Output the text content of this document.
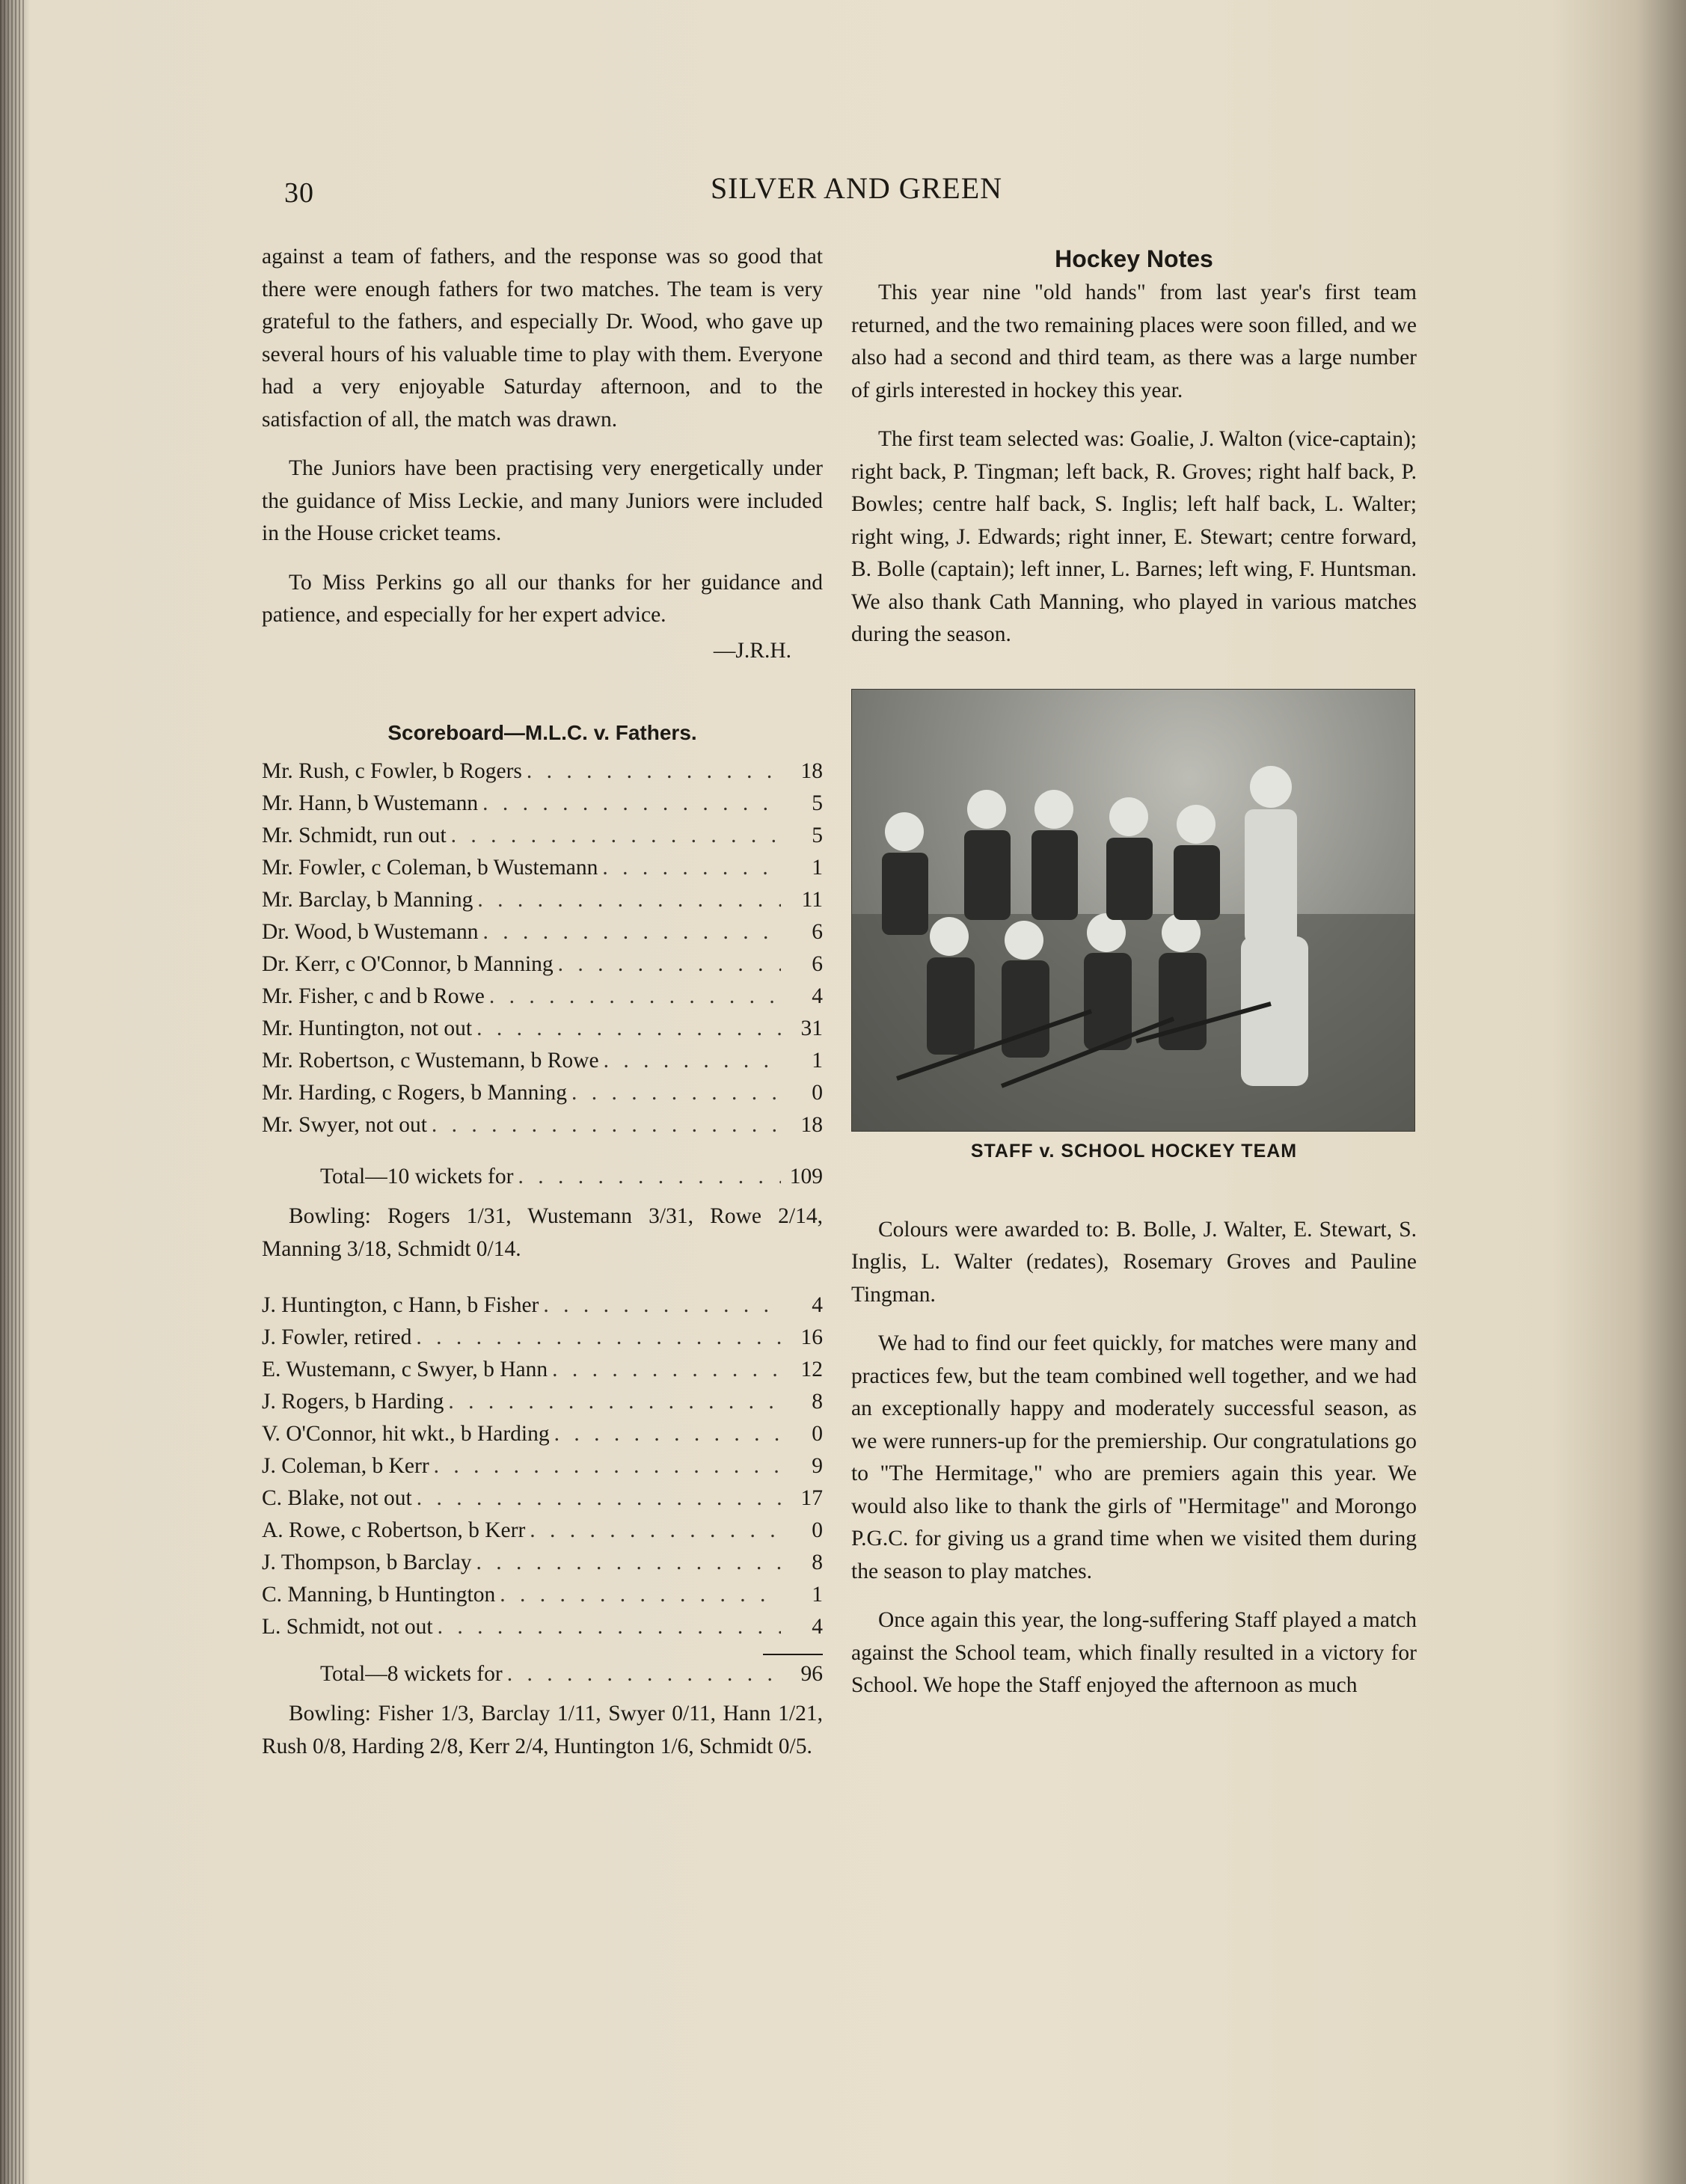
30	SILVER AND GREEN

against a team of fathers, and the response was so good that there were enough fathers for two matches. The team is very grateful to the fathers, and especially Dr. Wood, who gave up several hours of his valuable time to play with them. Everyone had a very enjoyable Saturday afternoon, and to the satisfaction of all, the match was drawn.

The Juniors have been practising very energetically under the guidance of Miss Leckie, and many Juniors were included in the House cricket teams.

To Miss Perkins go all our thanks for her guidance and patience, and especially for her expert advice.

—J.R.H.
Scoreboard—M.L.C. v. Fathers.
Mr. Rush, c Fowler, b Rogers . . .	18
Mr. Hann, b Wustemann . . .	5
Mr. Schmidt, run out . . .	5
Mr. Fowler, c Coleman, b Wustemann . . .	1
Mr. Barclay, b Manning . . .	11
Dr. Wood, b Wustemann . . .	6
Dr. Kerr, c O'Connor, b Manning . . .	6
Mr. Fisher, c and b Rowe . . .	4
Mr. Huntington, not out . . .	31
Mr. Robertson, c Wustemann, b Rowe . . .	1
Mr. Harding, c Rogers, b Manning . . .	0
Mr. Swyer, not out . . .	18
Total—10 wickets for . . .	109

Bowling: Rogers 1/31, Wustemann 3/31, Rowe 2/14, Manning 3/18, Schmidt 0/14.

J. Huntington, c Hann, b Fisher . . .	4
J. Fowler, retired . . .	16
E. Wustemann, c Swyer, b Hann . . .	12
J. Rogers, b Harding . . .	8
V. O'Connor, hit wkt., b Harding . . .	0
J. Coleman, b Kerr . . .	9
C. Blake, not out . . .	17
A. Rowe, c Robertson, b Kerr . . .	0
J. Thompson, b Barclay . . .	8
C. Manning, b Huntington . . .	1
L. Schmidt, not out . . .	4
Total—8 wickets for . . .	96

Bowling: Fisher 1/3, Barclay 1/11, Swyer 0/11, Hann 1/21, Rush 0/8, Harding 2/8, Kerr 2/4, Huntington 1/6, Schmidt 0/5.

Hockey Notes

This year nine "old hands" from last year's first team returned, and the two remaining places were soon filled, and we also had a second and third team, as there was a large number of girls interested in hockey this year.

The first team selected was: Goalie, J. Walton (vice-captain); right back, P. Tingman; left back, R. Groves; right half back, P. Bowles; centre half back, S. Inglis; left half back, L. Walter; right wing, J. Edwards; right inner, E. Stewart; centre forward, B. Bolle (captain); left inner, L. Barnes; left wing, F. Huntsman. We also thank Cath Manning, who played in various matches during the season.

STAFF v. SCHOOL HOCKEY TEAM

Colours were awarded to: B. Bolle, J. Walter, E. Stewart, S. Inglis, L. Walter (redates), Rosemary Groves and Pauline Tingman.

We had to find our feet quickly, for matches were many and practices few, but the team combined well together, and we had an exceptionally happy and moderately successful season, as we were runners-up for the premiership. Our congratulations go to "The Hermitage," who are premiers again this year. We would also like to thank the girls of "Hermitage" and Morongo P.G.C. for giving us a grand time when we visited them during the season to play matches.

Once again this year, the long-suffering Staff played a match against the School team, which finally resulted in a victory for School. We hope the Staff enjoyed the afternoon as much
